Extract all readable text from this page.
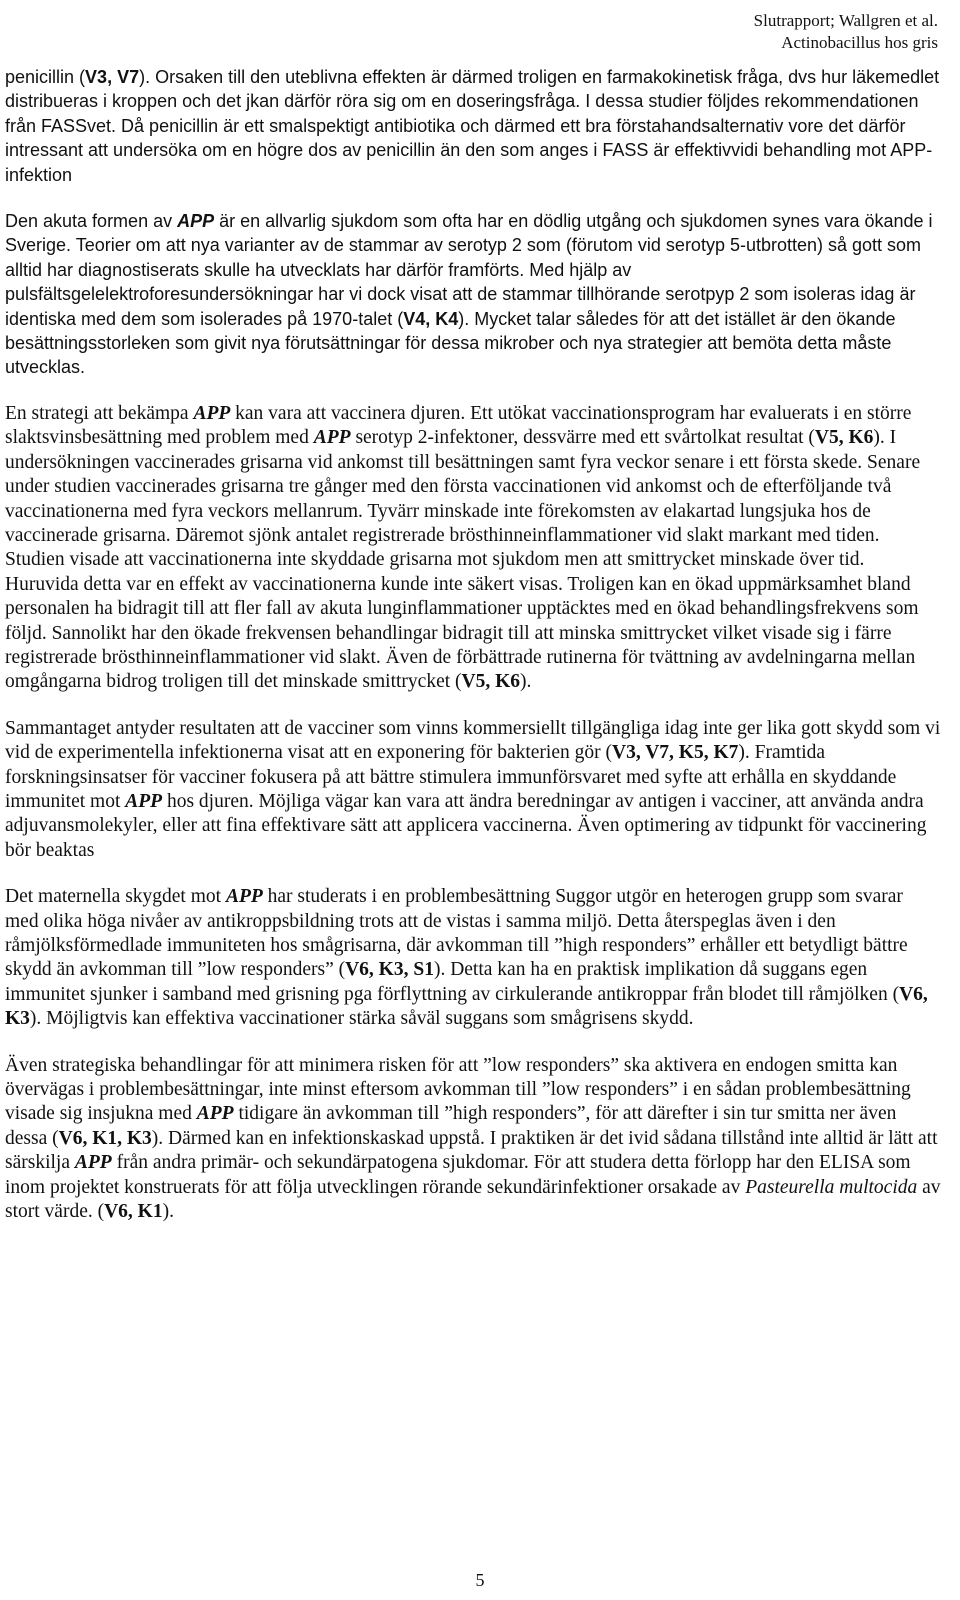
Slutrapport; Wallgren et al.
Actinobacillus hos gris

penicillin (V3, V7). Orsaken till den uteblivna effekten är därmed troligen en farmakokinetisk fråga, dvs hur läkemedlet distribueras i kroppen och det jkan därför röra sig om en doseringsfråga. I dessa studier följdes rekommendationen från FASSvet. Då penicillin är ett smalspektigt antibiotika och därmed ett bra förstahandsalternativ vore det därför intressant att undersöka om en högre dos av penicillin än den som anges i FASS är effektivvidi behandling mot APP-infektion

Den akuta formen av APP är en allvarlig sjukdom som ofta har en dödlig utgång och sjukdomen synes vara ökande i Sverige. Teorier om att nya varianter av de stammar av serotyp 2 som (förutom vid serotyp 5-utbrotten) så gott som alltid har diagnostiserats skulle ha utvecklats har därför framförts. Med hjälp av pulsfältsgelelektroforesundersökningar har vi dock visat att de stammar tillhörande serotpyp 2 som isoleras idag är identiska med dem som isolerades på 1970-talet (V4, K4). Mycket talar således för att det istället är den ökande besättningsstorleken som givit nya förutsättningar för dessa mikrober och nya strategier att bemöta detta måste utvecklas.

En strategi att bekämpa APP kan vara att vaccinera djuren. Ett utökat vaccinationsprogram har evaluerats i en större slaktsvinsbesättning med problem med APP serotyp 2-infektoner, dessvärre med ett svårtolkat resultat (V5, K6). I undersökningen vaccinerades grisarna vid ankomst till besättningen samt fyra veckor senare i ett första skede. Senare under studien vaccinerades grisarna tre gånger med den första vaccinationen vid ankomst och de efterföljande två vaccinationerna med fyra veckors mellanrum. Tyvärr minskade inte förekomsten av elakartad lungsjuka hos de vaccinerade grisarna. Däremot sjönk antalet registrerade brösthinneinflammationer vid slakt markant med tiden. Studien visade att vaccinationerna inte skyddade grisarna mot sjukdom men att smittrycket minskade över tid. Huruvida detta var en effekt av vaccinationerna kunde inte säkert visas. Troligen kan en ökad uppmärksamhet bland personalen ha bidragit till att fler fall av akuta lunginflammationer upptäcktes med en ökad behandlingsfrekvens som följd. Sannolikt har den ökade frekvensen behandlingar bidragit till att minska smittrycket vilket visade sig i färre registrerade brösthinneinflammationer vid slakt. Även de förbättrade rutinerna för tvättning av avdelningarna mellan omgångarna bidrog troligen till det minskade smittrycket (V5, K6).

Sammantaget antyder resultaten att de vacciner som vinns kommersiellt tillgängliga idag inte ger lika gott skydd som vi vid de experimentella infektionerna visat att en exponering för bakterien gör (V3, V7, K5, K7). Framtida forskningsinsatser för vacciner fokusera på att bättre stimulera immunförsvaret med syfte att erhålla en skyddande immunitet mot APP hos djuren. Möjliga vägar kan vara att ändra beredningar av antigen i vacciner, att använda andra adjuvansmolekyler, eller att fina effektivare sätt att applicera vaccinerna. Även optimering av tidpunkt för vaccinering bör beaktas

Det maternella skygdet mot APP har studerats i en problembesättning Suggor utgör en heterogen grupp som svarar med olika höga nivåer av antikroppsbildning trots att de vistas i samma miljö. Detta återspeglas även i den råmjölksförmedlade immuniteten hos smågrisarna, där avkomman till ”high responders” erhåller ett betydligt bättre skydd än avkomman till ”low responders” (V6, K3, S1). Detta kan ha en praktisk implikation då suggans egen immunitet sjunker i samband med grisning pga förflyttning av cirkulerande antikroppar från blodet till råmjölken (V6, K3). Möjligtvis kan effektiva vaccinationer stärka såväl suggans som smågrisens skydd.

Även strategiska behandlingar för att minimera risken för att ”low responders” ska aktivera en endogen smitta kan övervägas i problembesättningar, inte minst eftersom avkomman till ”low responders” i en sådan problembesättning visade sig insjukna med APP tidigare än avkomman till ”high responders”, för att därefter i sin tur smitta ner även dessa (V6, K1, K3). Därmed kan en infektionskaskad uppstå. I praktiken är det ivid sådana tillstånd inte alltid är lätt att särskilja APP från andra primär- och sekundärpatogena sjukdomar. För att studera detta förlopp har den ELISA som inom projektet konstruerats för att följa utvecklingen rörande sekundärinfektioner orsakade av Pasteurella multocida av stort värde. (V6, K1).

5
